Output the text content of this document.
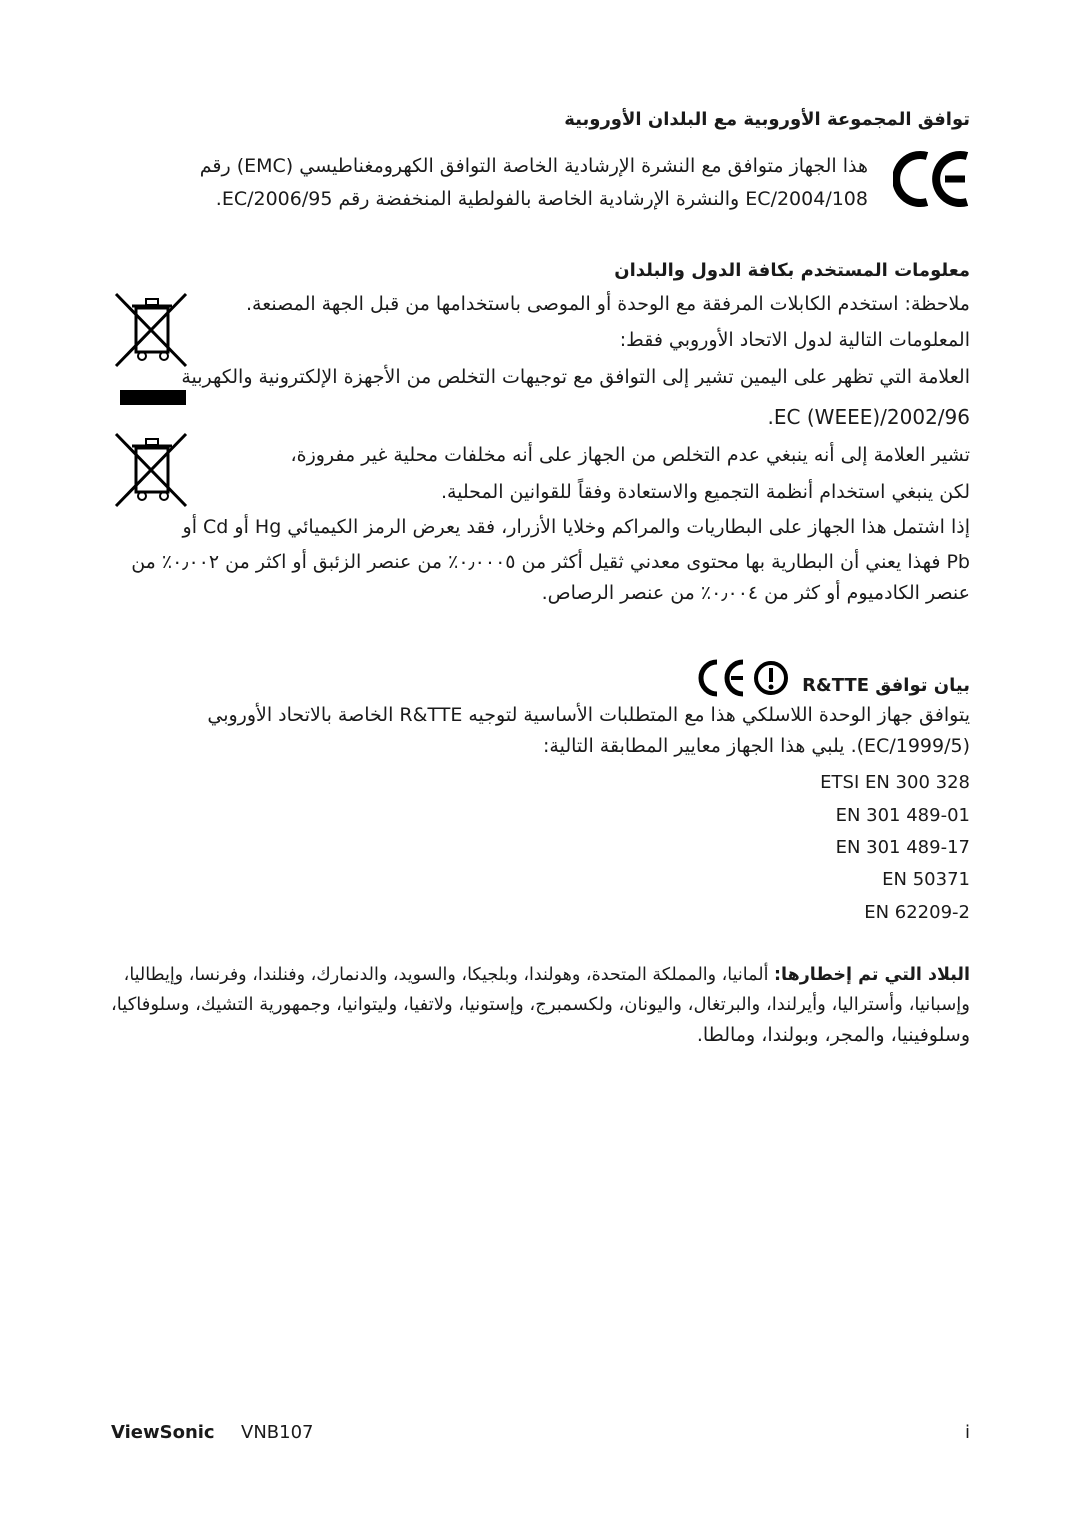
توافق المجموعة الأوروبية مع البلدان الأوروبية
هذا الجهاز متوافق مع النشرة الإرشادية الخاصة التوافق الكهرومغناطيسي (EMC) رقم
2004/108/EC والنشرة الإرشادية الخاصة بالفولطية المنخفضة رقم 2006/95/EC.
معلومات المستخدم بكافة الدول والبلدان
ملاحظة: استخدم الكابلات المرفقة مع الوحدة أو الموصى باستخدامها من قبل الجهة المصنعة.
المعلومات التالية لدول الاتحاد الأوروبي فقط:
العلامة التي تظهر على اليمين تشير إلى التوافق مع توجيهات التخلص من الأجهزة الإلكترونية والكهربية
2002/96/EC (WEEE).
تشير العلامة إلى أنه ينبغي عدم التخلص من الجهاز على أنه مخلفات محلية غير مفروزة،
لكن ينبغي استخدام أنظمة التجميع والاستعادة وفقاً للقوانين المحلية.
إذا اشتمل هذا الجهاز على البطاريات والمراكم وخلايا الأزرار، فقد يعرض الرمز الكيميائي Hg أو Cd أو
Pb فهذا يعني أن البطارية بها محتوى معدني ثقيل أكثر من ٠٫٠٠٠٥٪ من عنصر الزئبق أو اكثر من ٠٫٠٠٢٪ من
عنصر الكادميوم أو كثر من ٠٫٠٠٤٪ من عنصر الرصاص.
بيان توافق R&TTE
يتوافق جهاز الوحدة اللاسلكي هذا مع المتطلبات الأساسية لتوجيه R&TTE الخاصة بالاتحاد الأوروبي
(1999/5/EC). يلبي هذا الجهاز معايير المطابقة التالية:
ETSI EN 300 328
EN 301 489-01
EN 301 489-17
EN 50371
EN 62209-2
البلاد التي تم إخطارها: ألمانيا، والمملكة المتحدة، وهولندا، وبلجيكا، والسويد، والدنمارك، وفنلندا، وفرنسا، وإيطاليا،
وإسبانيا، وأستراليا، وأيرلندا، والبرتغال، واليونان، ولكسمبرج، وإستونيا، ولاتفيا، وليتوانيا، وجمهورية التشيك، وسلوفاكيا،
وسلوفينيا، والمجر، وبولندا، ومالطا.
ViewSonic VNB107	i
